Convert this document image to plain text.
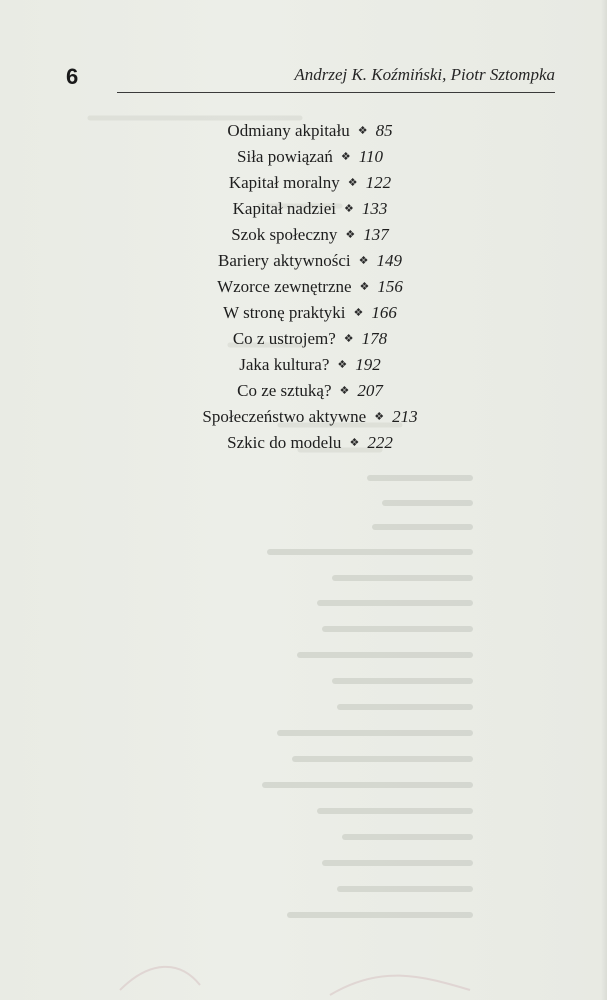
6	Andrzej K. Koźmiński, Piotr Sztompka
Odmiany akpitału ❖ 85
Siła powiązań ❖ 110
Kapitał moralny ❖ 122
Kapitał nadziei ❖ 133
Szok społeczny ❖ 137
Bariery aktywności ❖ 149
Wzorce zewnętrzne ❖ 156
W stronę praktyki ❖ 166
Co z ustrojem? ❖ 178
Jaka kultura? ❖ 192
Co ze sztuką? ❖ 207
Społeczeństwo aktywne ❖ 213
Szkic do modelu ❖ 222
